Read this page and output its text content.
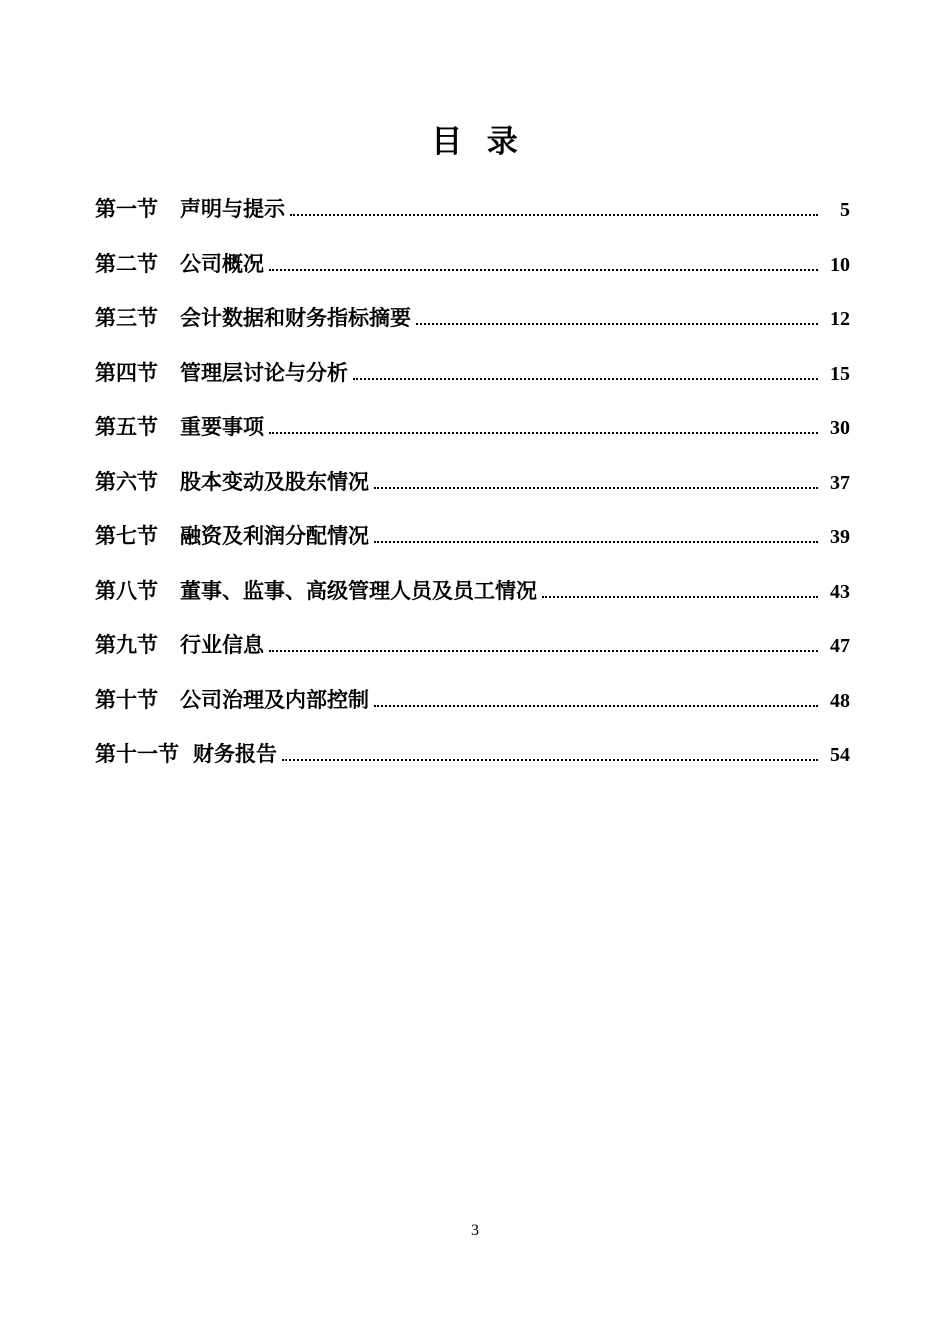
目 录
第一节	声明与提示	5
第二节	公司概况	10
第三节	会计数据和财务指标摘要	12
第四节	管理层讨论与分析	15
第五节	重要事项	30
第六节	股本变动及股东情况	37
第七节	融资及利润分配情况	39
第八节	董事、监事、高级管理人员及员工情况	43
第九节	行业信息	47
第十节	公司治理及内部控制	48
第十一节 财务报告	54
3
